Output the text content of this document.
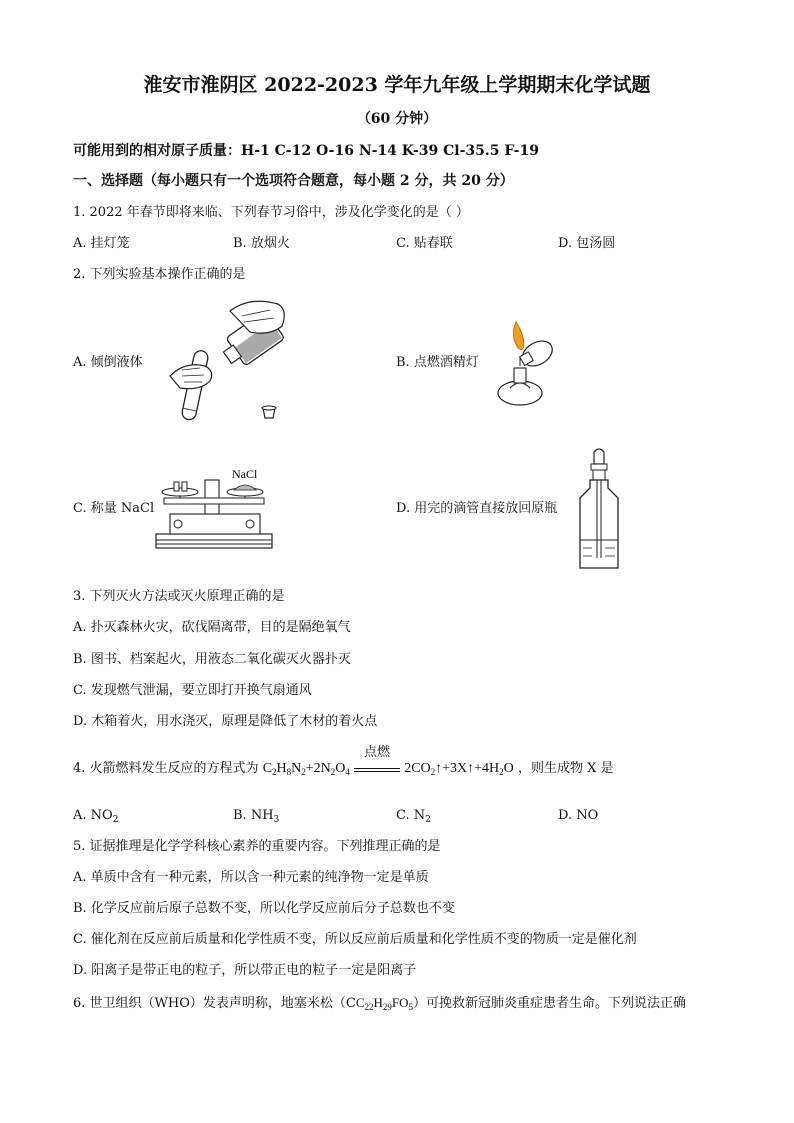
淮安市淮阴区 2022-2023 学年九年级上学期期末化学试题
（60 分钟）
可能用到的相对原子质量：H-1 C-12 O-16 N-14 K-39 Cl-35.5 F-19
一、选择题（每小题只有一个选项符合题意，每小题 2 分，共 20 分）
1. 2022 年春节即将来临、下列春节习俗中，涉及化学变化的是（ ）
A. 挂灯笼	B. 放烟火	C. 贴春联	D. 包汤圆
2. 下列实验基本操作正确的是
A. 倾倒液体	B. 点燃酒精灯
C. 称量 NaCl
NaCl
D. 用完的滴管直接放回原瓶
3. 下列灭火方法或灭火原理正确的是
A. 扑灭森林火灾，砍伐隔离带，目的是隔绝氧气
B. 图书、档案起火，用液态二氧化碳灭火器扑灭
C. 发现燃气泄漏，要立即打开换气扇通风
D. 木箱着火，用水浇灭，原理是降低了木材的着火点
4. 火箭燃料发生反应的方程式为 $C_2H_8N_2+2N_2O_4$
点燃
$2CO_2↑+3X↑+4H_2O$ ，则生成物 X 是
A. $NO_2$	B. $NH_3$	C. $N_2$	D. NO
5. 证据推理是化学学科核心素养的重要内容。下列推理正确的是
A. 单质中含有一种元素，所以含一种元素的纯净物一定是单质
B. 化学反应前后原子总数不变，所以化学反应前后分子总数也不变
C. 催化剂在反应前后质量和化学性质不变，所以反应前后质量和化学性质不变的物质一定是催化剂
D. 阳离子是带正电的粒子，所以带正电的粒子一定是阳离子
6. 世卫组织（WHO）发表声明称，地塞米松$(CC_{22}H_{29}FO_5)$可挽救新冠肺炎重症患者生命。下列说法正确
